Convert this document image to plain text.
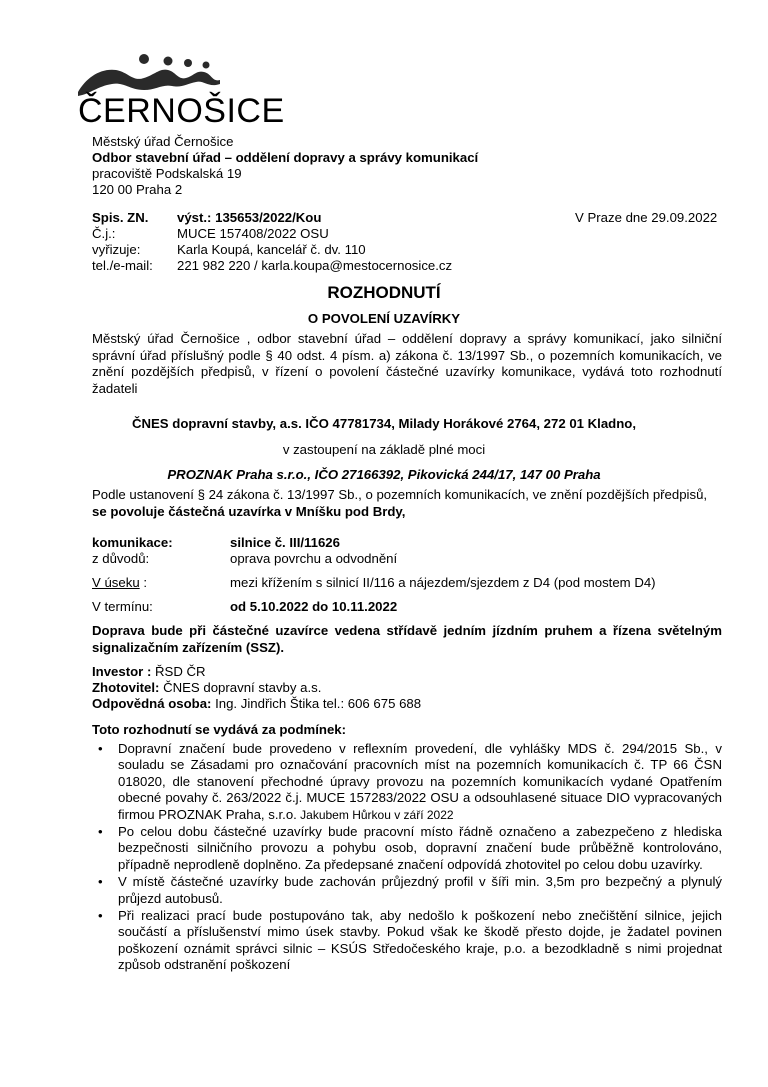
ČERNOŠICE
Městský úřad Černošice
Odbor stavební úřad – oddělení dopravy a správy komunikací
pracoviště Podskalská 19
120 00 Praha 2
Spis. ZN. výst.: 135653/2022/Kou	V Praze dne 29.09.2022
Č.j.:	MUCE 157408/2022 OSU
vyřizuje:	Karla Koupá, kancelář č. dv. 110
tel./e-mail: 221 982 220 / karla.koupa@mestocernosice.cz
ROZHODNUTÍ
O POVOLENÍ UZAVÍRKY
Městský úřad Černošice , odbor stavební úřad – oddělení dopravy a správy komunikací, jako silniční správní úřad příslušný podle § 40 odst. 4 písm. a) zákona č. 13/1997 Sb., o pozemních komunikacích, ve znění pozdějších předpisů, v řízení o povolení částečné uzavírky komunikace, vydává toto rozhodnutí žadateli
ČNES dopravní stavby, a.s. IČO 47781734, Milady Horákové 2764, 272 01 Kladno,
v zastoupení na základě plné moci
PROZNAK Praha s.r.o., IČO 27166392, Pikovická 244/17, 147 00 Praha
Podle ustanovení § 24 zákona č. 13/1997 Sb., o pozemních komunikacích, ve znění pozdějších předpisů, se povoluje částečná uzavírka v Mníšku pod Brdy,
komunikace:	silnice č. III/11626
z důvodů:	oprava povrchu a odvodnění
V úseku :	mezi křížením s silnicí II/116 a nájezdem/sjezdem z D4 (pod mostem D4)
V termínu:	od 5.10.2022 do 10.11.2022
Doprava bude při částečné uzavírce vedena střídavě jedním jízdním pruhem a řízena světelným signalizačním zařízením (SSZ).
Investor : ŘSD ČR
Zhotovitel: ČNES dopravní stavby a.s.
Odpovědná osoba: Ing. Jindřich Štika tel.: 606 675 688
Toto rozhodnutí se vydává za podmínek:
• Dopravní značení bude provedeno v reflexním provedení, dle vyhlášky MDS č. 294/2015 Sb., v souladu se Zásadami pro označování pracovních míst na pozemních komunikacích č. TP 66 ČSN 018020, dle stanovení přechodné úpravy provozu na pozemních komunikacích vydané Opatřením obecné povahy č. 263/2022 č.j. MUCE 157283/2022 OSU a odsouhlasené situace DIO vypracovaných firmou PROZNAK Praha, s.r.o. Jakubem Hůrkou v září 2022
• Po celou dobu částečné uzavírky bude pracovní místo řádně označeno a zabezpečeno z hlediska bezpečnosti silničního provozu a pohybu osob, dopravní značení bude průběžně kontrolováno, případně neprodleně doplněno. Za předepsané značení odpovídá zhotovitel po celou dobu uzavírky.
• V místě částečné uzavírky bude zachován průjezdný profil v šíři min. 3,5m pro bezpečný a plynulý průjezd autobusů.
• Při realizaci prací bude postupováno tak, aby nedošlo k poškození nebo znečištění silnice, jejich součástí a příslušenství mimo úsek stavby. Pokud však ke škodě přesto dojde, je žadatel povinen poškození oznámit správci silnic – KSÚS Středočeského kraje, p.o. a bezodkladně s nimi projednat způsob odstranění poškození
